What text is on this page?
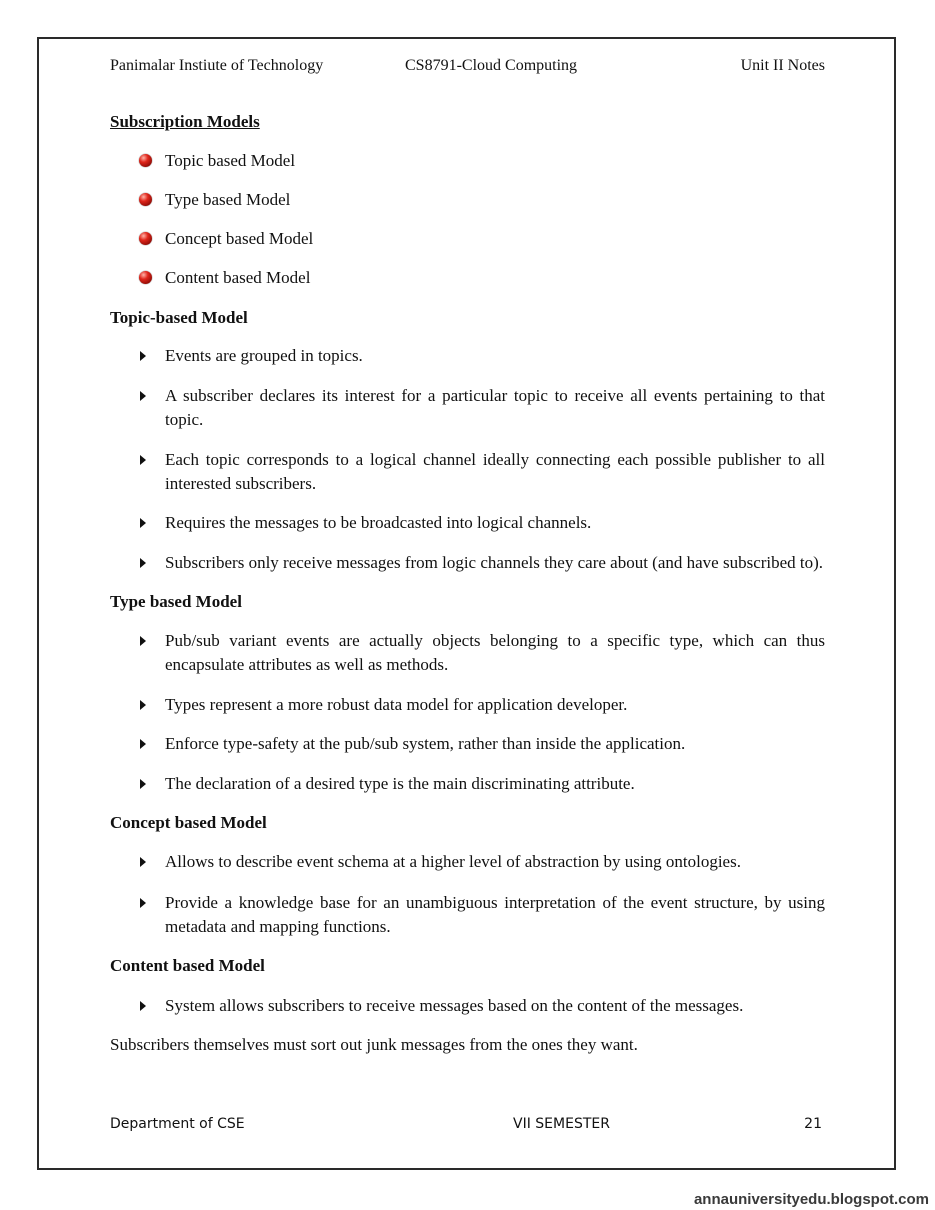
Panimalar Instiute of Technology	CS8791-Cloud Computing	Unit II Notes

Subscription Models

Topic based Model
Type based Model
Concept based Model
Content based Model

Topic-based Model

Events are grouped in topics.
A subscriber declares its interest for a particular topic to receive all events pertaining to that topic.
Each topic corresponds to a logical channel ideally connecting each possible publisher to all interested subscribers.
Requires the messages to be broadcasted into logical channels.
Subscribers only receive messages from logic channels they care about (and have subscribed to).

Type based Model

Pub/sub variant events are actually objects belonging to a specific type, which can thus encapsulate attributes as well as methods.
Types represent a more robust data model for application developer.
Enforce type-safety at the pub/sub system, rather than inside the application.
The declaration of a desired type is the main discriminating attribute.

Concept based Model

Allows to describe event schema at a higher level of abstraction by using ontologies.
Provide a knowledge base for an unambiguous interpretation of the event structure, by using metadata and mapping functions.

Content based Model

System allows subscribers to receive messages based on the content of the messages.

Subscribers themselves must sort out junk messages from the ones they want.

Department of CSE	VII SEMESTER	21
annauniversityedu.blogspot.com
